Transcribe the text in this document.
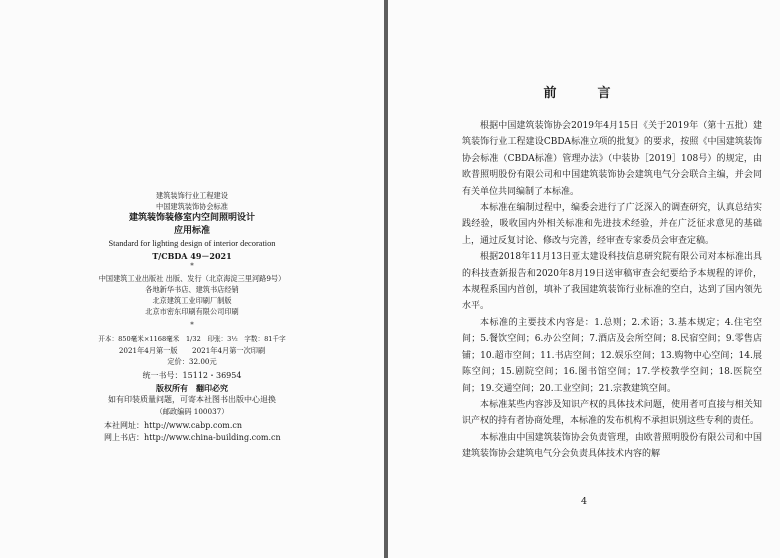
建筑装饰行业工程建设
中国建筑装饰协会标准
建筑装饰装修室内空间照明设计
应用标准
Standard for lighting design of interior decoration
T/CBDA 49－2021
*
中国建筑工业出版社 出版、发行（北京海淀三里河路9号）
各地新华书店、建筑书店经销
北京建筑工业印刷厂制版
北京市密东印刷有限公司印刷
*
开本：850毫米×1168毫米　1/32　印张：3½　字数：81千字
2021年4月第一版　　2021年4月第一次印刷
定价：32.00元
统一书号：15112・36954
版权所有　翻印必究
如有印装质量问题，可寄本社图书出版中心退换
（邮政编码 100037）
本社网址：http://www.cabp.com.cn
网上书店：http://www.china-building.com.cn
前　言

根据中国建筑装饰协会2019年4月15日《关于2019年（第十五批）建筑装饰行业工程建设CBDA标准立项的批复》的要求，按照《中国建筑装饰协会标准（CBDA标准）管理办法》（中装协［2019］108号）的规定，由欧普照明股份有限公司和中国建筑装饰协会建筑电气分会联合主编，并会同有关单位共同编制了本标准。

本标准在编制过程中，编委会进行了广泛深入的调查研究，认真总结实践经验，吸收国内外相关标准和先进技术经验，并在广泛征求意见的基础上，通过反复讨论、修改与完善，经审查专家委员会审查定稿。

根据2018年11月13日亚太建设科技信息研究院有限公司对本标准出具的科技查新报告和2020年8月19日送审稿审查会纪要给予本规程的评价，本规程系国内首创，填补了我国建筑装饰行业标准的空白，达到了国内领先水平。

本标准的主要技术内容是：1.总则；2.术语；3.基本规定；4.住宅空间；5.餐饮空间；6.办公空间；7.酒店及会所空间；8.民宿空间；9.零售店铺；10.超市空间；11.书店空间；12.娱乐空间；13.购物中心空间；14.展陈空间；15.剧院空间；16.图书馆空间；17.学校教学空间；18.医院空间；19.交通空间；20.工业空间；21.宗教建筑空间。

本标准某些内容涉及知识产权的具体技术问题，使用者可直接与相关知识产权的持有者协商处理，本标准的发布机构不承担识别这些专利的责任。

本标准由中国建筑装饰协会负责管理，由欧普照明股份有限公司和中国建筑装饰协会建筑电气分会负责具体技术内容的解

4
